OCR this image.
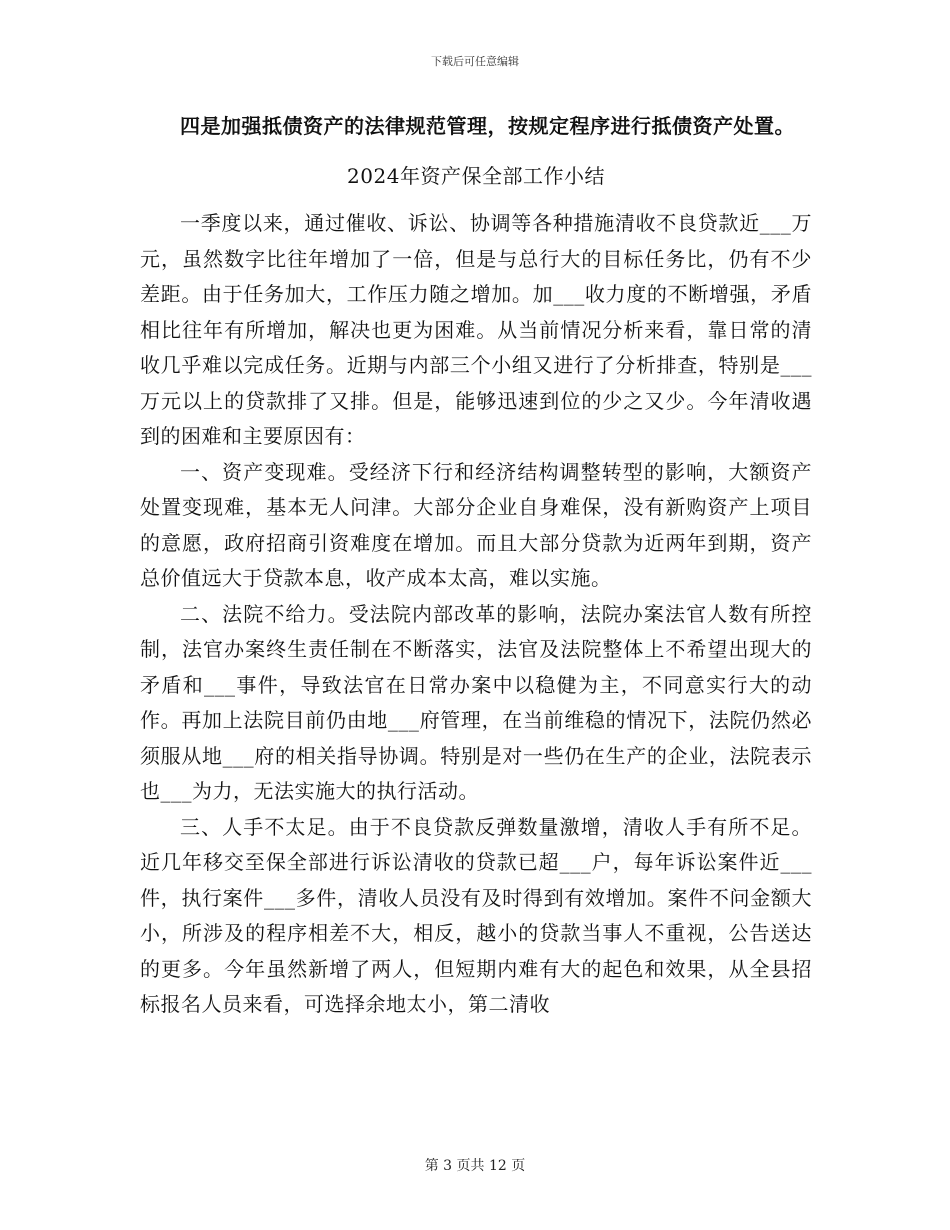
下载后可任意编辑

四是加强抵债资产的法律规范管理，按规定程序进行抵债资产处置。

2024年资产保全部工作小结

一季度以来，通过催收、诉讼、协调等各种措施清收不良贷款近___万元，虽然数字比往年增加了一倍，但是与总行大的目标任务比，仍有不少差距。由于任务加大，工作压力随之增加。加___收力度的不断增强，矛盾相比往年有所增加，解决也更为困难。从当前情况分析来看，靠日常的清收几乎难以完成任务。近期与内部三个小组又进行了分析排查，特别是___万元以上的贷款排了又排。但是，能够迅速到位的少之又少。今年清收遇到的困难和主要原因有：

一、资产变现难。受经济下行和经济结构调整转型的影响，大额资产处置变现难，基本无人问津。大部分企业自身难保，没有新购资产上项目的意愿，政府招商引资难度在增加。而且大部分贷款为近两年到期，资产总价值远大于贷款本息，收产成本太高，难以实施。

二、法院不给力。受法院内部改革的影响，法院办案法官人数有所控制，法官办案终生责任制在不断落实，法官及法院整体上不希望出现大的矛盾和___事件，导致法官在日常办案中以稳健为主，不同意实行大的动作。再加上法院目前仍由地___府管理，在当前维稳的情况下，法院仍然必须服从地___府的相关指导协调。特别是对一些仍在生产的企业，法院表示也___为力，无法实施大的执行活动。

三、人手不太足。由于不良贷款反弹数量激增，清收人手有所不足。近几年移交至保全部进行诉讼清收的贷款已超___户，每年诉讼案件近___件，执行案件___多件，清收人员没有及时得到有效增加。案件不问金额大小，所涉及的程序相差不大，相反，越小的贷款当事人不重视，公告送达的更多。今年虽然新增了两人，但短期内难有大的起色和效果，从全县招标报名人员来看，可选择余地太小，第二清收

第 3 页共 12 页
